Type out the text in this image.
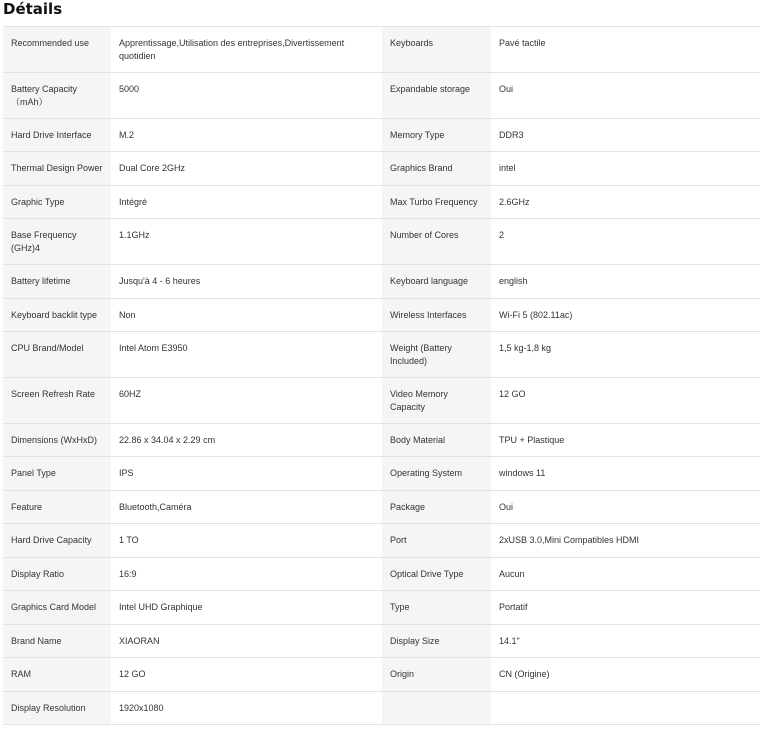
Détails
Recommended use	Apprentissage,Utilisation des entreprises,Divertissement quotidien	Keyboards	Pavé tactile
Battery Capacity（mAh）	5000	Expandable storage	Oui
Hard Drive Interface	M.2	Memory Type	DDR3
Thermal Design Power	Dual Core 2GHz	Graphics Brand	intel
Graphic Type	Intégré	Max Turbo Frequency	2.6GHz
Base Frequency (GHz)4	1.1GHz	Number of Cores	2
Battery lifetime	Jusqu'à 4 - 6 heures	Keyboard language	english
Keyboard backlit type	Non	Wireless Interfaces	Wi-Fi 5 (802.11ac)
CPU Brand/Model	Intel Atom E3950	Weight (Battery Included)	1,5 kg-1,8 kg
Screen Refresh Rate	60HZ	Video Memory Capacity	12 GO
Dimensions (WxHxD)	22.86 x 34.04 x 2.29 cm	Body Material	TPU + Plastique
Panel Type	IPS	Operating System	windows 11
Feature	Bluetooth,Caméra	Package	Oui
Hard Drive Capacity	1 TO	Port	2xUSB 3.0,Mini Compatibles HDMI
Display Ratio	16:9	Optical Drive Type	Aucun
Graphics Card Model	Intel UHD Graphique	Type	Portatif
Brand Name	XIAORAN	Display Size	14.1"
RAM	12 GO	Origin	CN (Origine)
Display Resolution	1920x1080		
